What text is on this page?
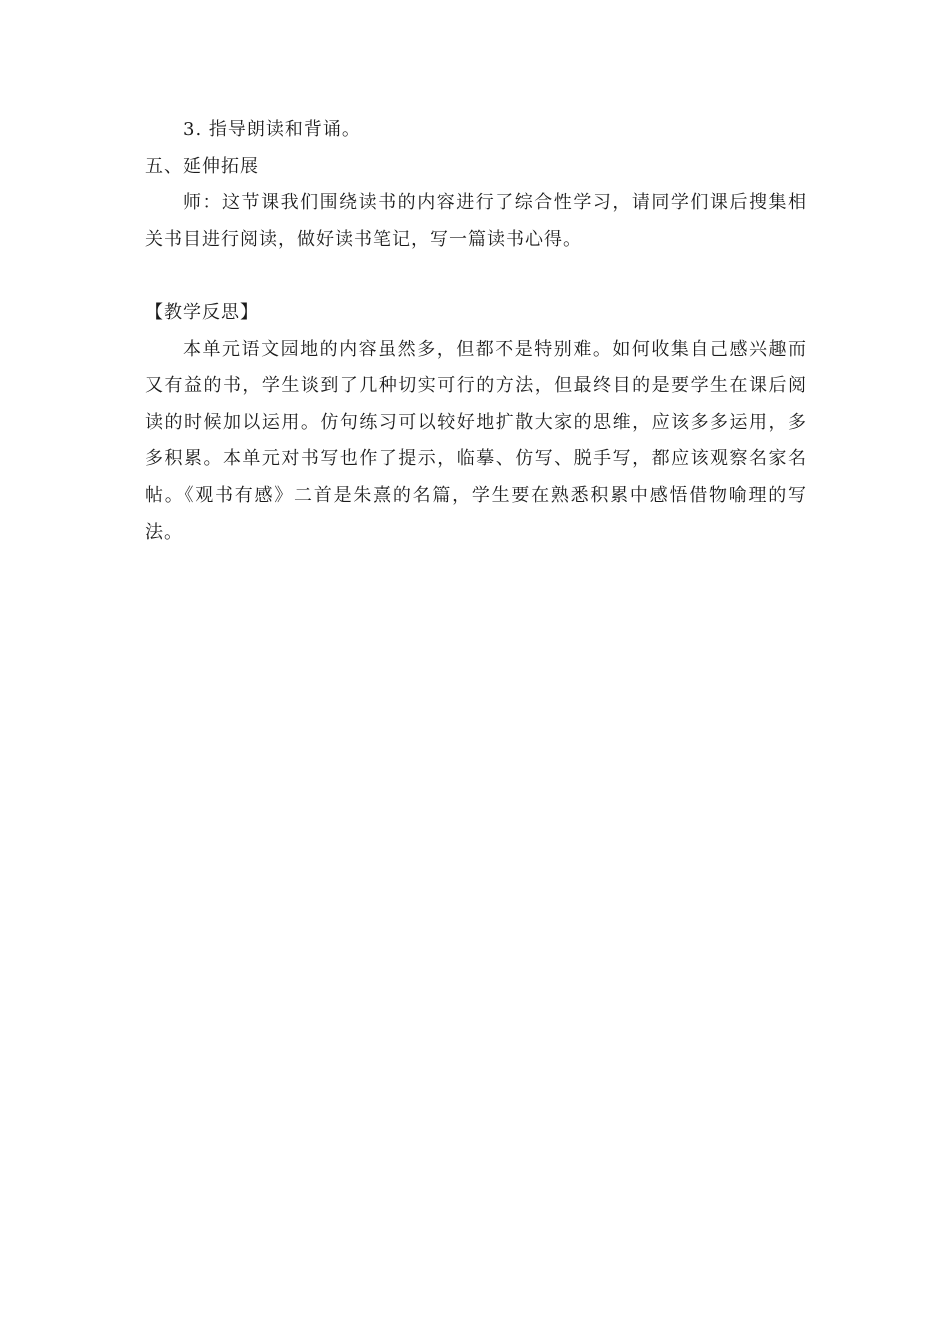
3. 指导朗读和背诵。
五、延伸拓展
师：这节课我们围绕读书的内容进行了综合性学习，请同学们课后搜集相
关书目进行阅读，做好读书笔记，写一篇读书心得。
【教学反思】
本单元语文园地的内容虽然多，但都不是特别难。如何收集自己感兴趣而
又有益的书，学生谈到了几种切实可行的方法，但最终目的是要学生在课后阅
读的时候加以运用。仿句练习可以较好地扩散大家的思维，应该多多运用，多
多积累。本单元对书写也作了提示，临摹、仿写、脱手写，都应该观察名家名
帖。《观书有感》二首是朱熹的名篇，学生要在熟悉积累中感悟借物喻理的写
法。
